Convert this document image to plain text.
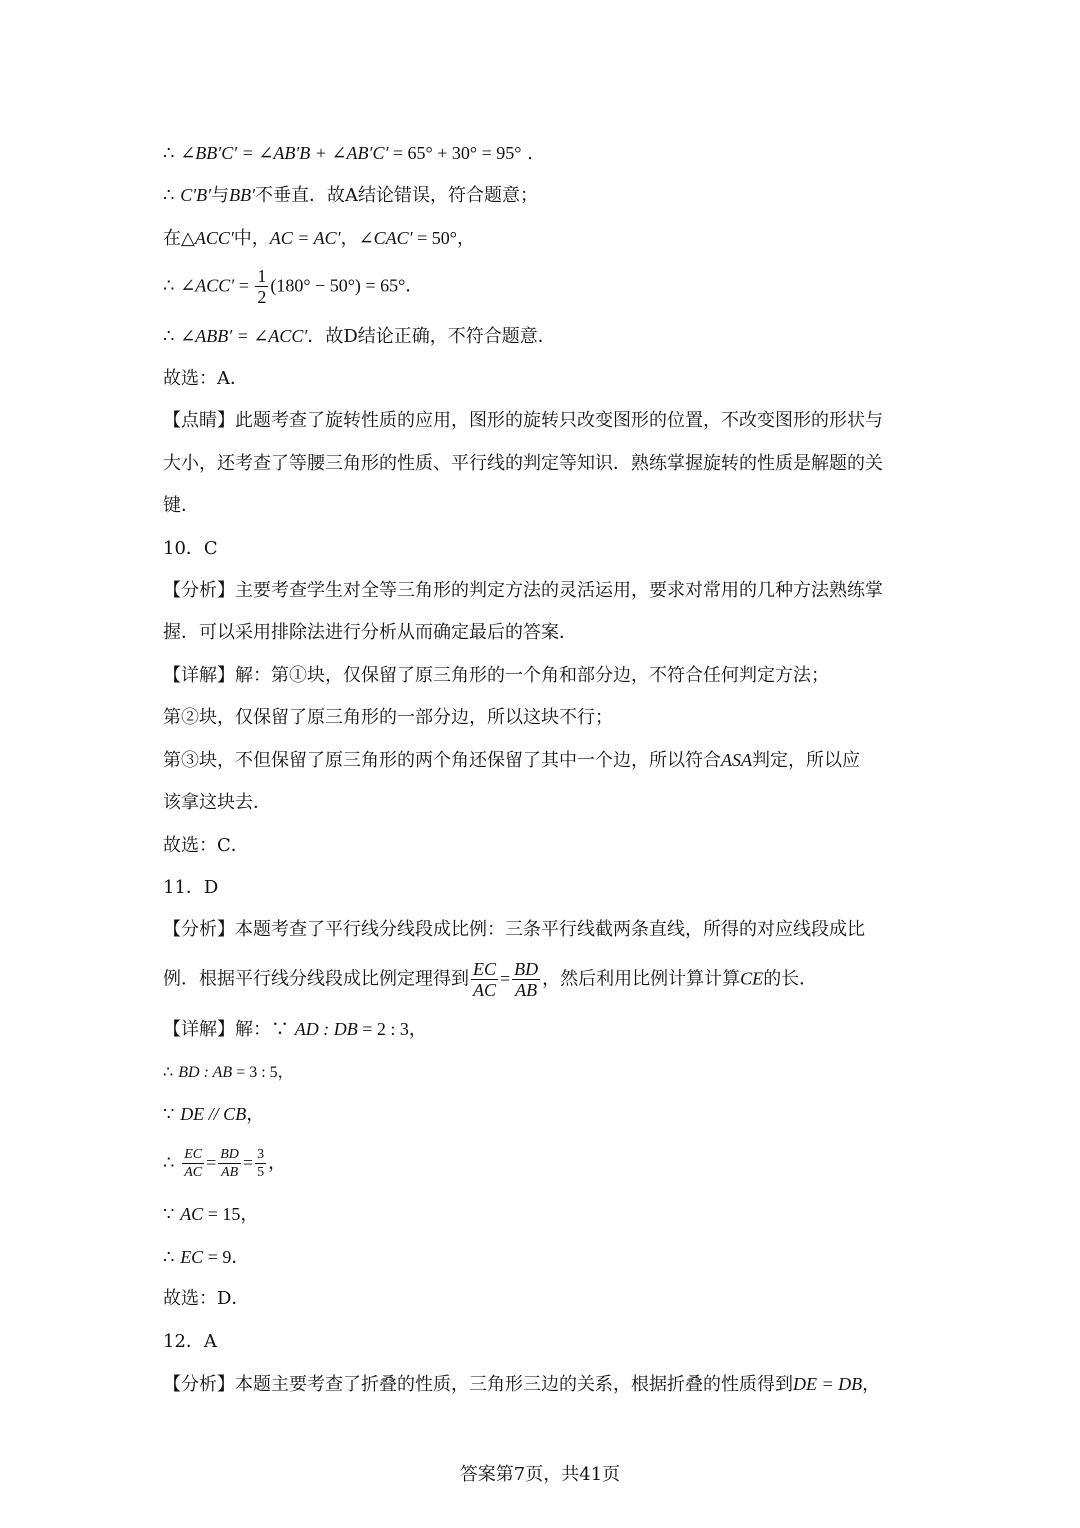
∴ ∠BB′C′ = ∠AB′B + ∠AB′C′ = 65° + 30° = 95° .
∴ C′B′与BB′不垂直．故A结论错误，符合题意；
在△ACC′中，AC = AC′，∠CAC′ = 50°，
∴ ∠ACC′ = $\frac{1}{2} (180^\circ - 50^\circ) = 65^\circ$．
∴ ∠ABB′ = ∠ACC′．故D结论正确，不符合题意．
故选：A．
【点睛】此题考查了旋转性质的应用，图形的旋转只改变图形的位置，不改变图形的形状与
大小，还考查了等腰三角形的性质、平行线的判定等知识．熟练掌握旋转的性质是解题的关
键．
10．C
【分析】主要考查学生对全等三角形的判定方法的灵活运用，要求对常用的几种方法熟练掌
握．可以采用排除法进行分析从而确定最后的答案．
【详解】解：第①块，仅保留了原三角形的一个角和部分边，不符合任何判定方法；
第②块，仅保留了原三角形的一部分边，所以这块不行；
第③块，不但保留了原三角形的两个角还保留了其中一个边，所以符合ASA判定，所以应
该拿这块去．
故选：C．
11．D
【分析】本题考查了平行线分线段成比例：三条平行线截两条直线，所得的对应线段成比
例．根据平行线分线段成比例定理得到 $\frac{EC}{AC} = \frac{BD}{AB}$ ，然后利用比例计算计算CE的长．
【详解】解：∵ AD : DB = 2 : 3，
∴ BD : AB = 3 : 5，
∵ DE // CB，
∴ $\frac{EC}{AC} = \frac{BD}{AB} = \frac{3}{5}$ ，
∵ AC = 15，
∴ EC = 9．
故选：D．
12．A
【分析】本题主要考查了折叠的性质，三角形三边的关系，根据折叠的性质得到DE = DB，
答案第7页，共41页
